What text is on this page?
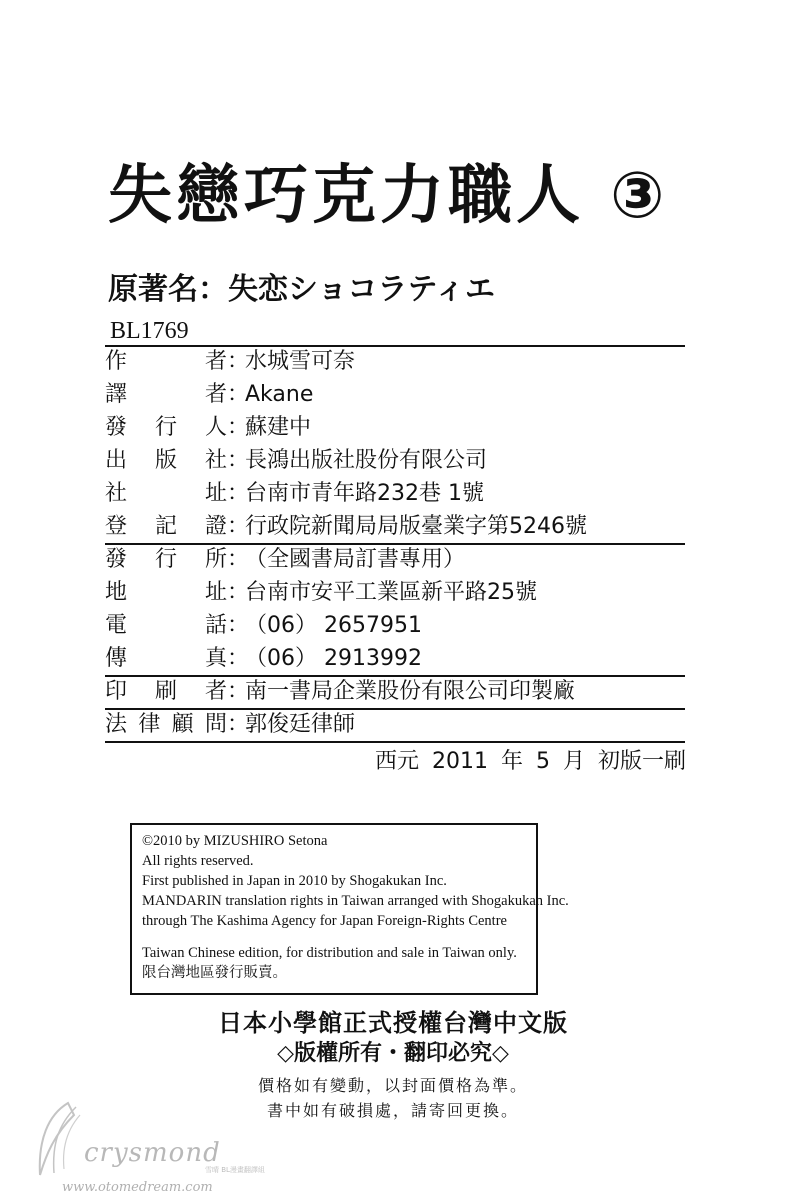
失戀巧克力職人 ③
原著名：失恋ショコラティエ
BL1769
作	者 ：
水城雪可奈
譯	者 ：
Akane
發 行 人 ：
蘇建中
出 版 社 ：
長鴻出版社股份有限公司
社	址 ：
台南市青年路232巷 1號
登 記 證 ：
行政院新聞局局版臺業字第5246號
發 行 所 ：
（全國書局訂書專用）
地	址 ：
台南市安平工業區新平路25號
電	話 ：
（06） 2657951
傳	真 ：
（06） 2913992
印 刷 者 ：
南一書局企業股份有限公司印製廠
法 律 顧 問 ：
郭俊廷律師
西元 2011 年 5 月 初版一刷
©2010 by MIZUSHIRO Setona
All rights reserved.
First published in Japan in 2010 by Shogakukan Inc.
MANDARIN translation rights in Taiwan arranged with Shogakukan Inc.
through The Kashima Agency for Japan Foreign-Rights Centre
Taiwan Chinese edition, for distribution and sale in Taiwan only.
限台灣地區發行販賣。
日本小學館正式授權台灣中文版
◇版權所有・翻印必究◇
價格如有變動，以封面價格為準。
書中如有破損處，請寄回更換。
crysmond
雪晴 BL漫畫翻譯組
www.otomedream.com
